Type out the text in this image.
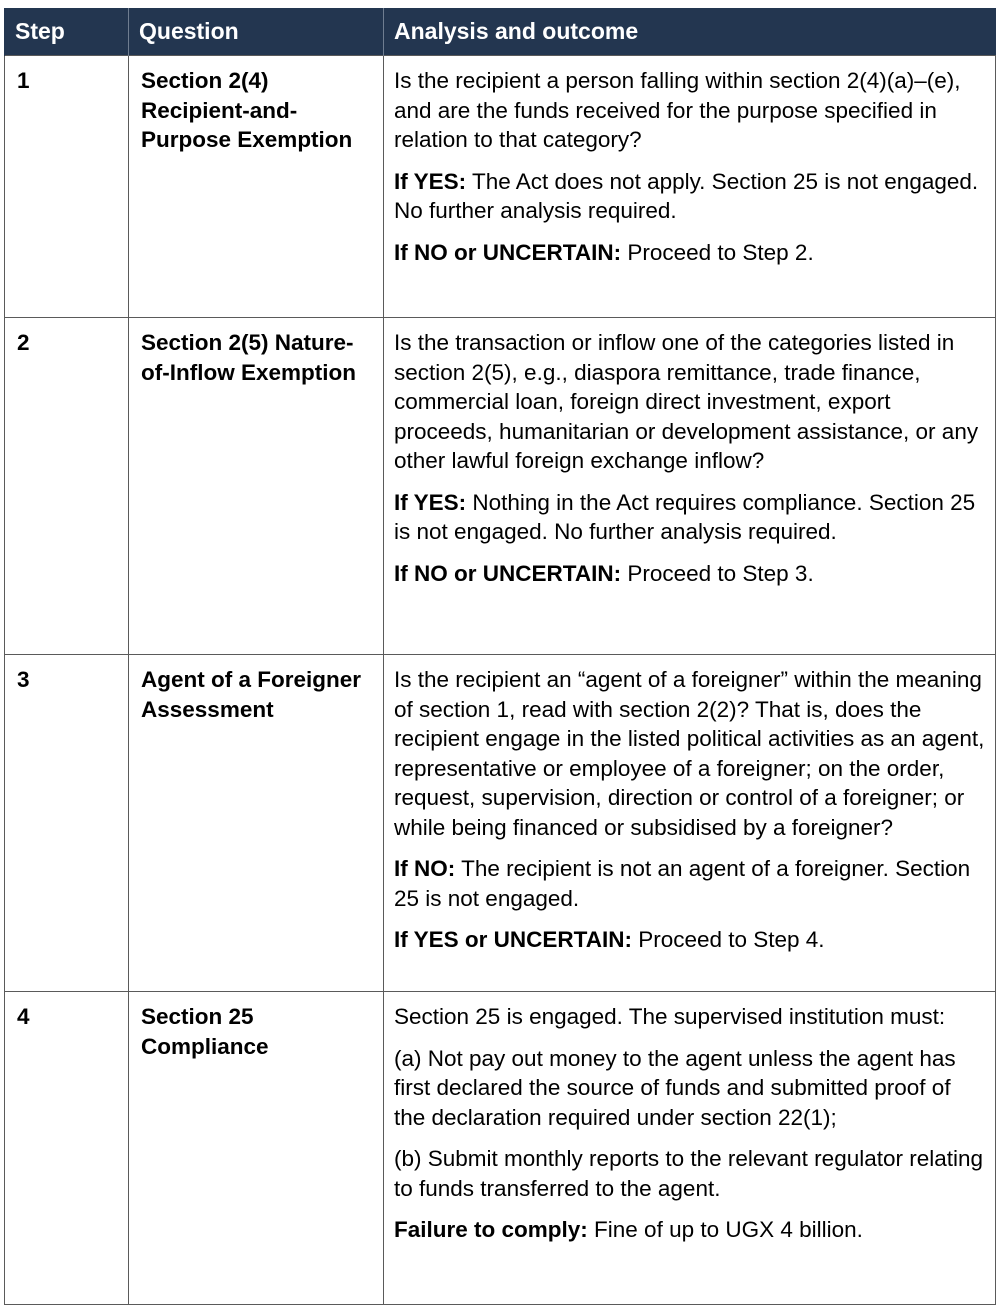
Step	Question	Analysis and outcome
1	Section 2(4) Recipient-and-Purpose Exemption	Is the recipient a person falling within section 2(4)(a)–(e), and are the funds received for the purpose specified in relation to that category?

If YES: The Act does not apply. Section 25 is not engaged. No further analysis required.

If NO or UNCERTAIN: Proceed to Step 2.

2	Section 2(5) Nature-of-Inflow Exemption	Is the transaction or inflow one of the categories listed in section 2(5), e.g., diaspora remittance, trade finance, commercial loan, foreign direct investment, export proceeds, humanitarian or development assistance, or any other lawful foreign exchange inflow?

If YES: Nothing in the Act requires compliance. Section 25 is not engaged. No further analysis required.

If NO or UNCERTAIN: Proceed to Step 3.

3	Agent of a Foreigner Assessment	Is the recipient an “agent of a foreigner” within the meaning of section 1, read with section 2(2)? That is, does the recipient engage in the listed political activities as an agent, representative or employee of a foreigner; on the order, request, supervision, direction or control of a foreigner; or while being financed or subsidised by a foreigner?

If NO: The recipient is not an agent of a foreigner. Section 25 is not engaged.

If YES or UNCERTAIN: Proceed to Step 4.

4	Section 25 Compliance	Section 25 is engaged. The supervised institution must:

(a) Not pay out money to the agent unless the agent has first declared the source of funds and submitted proof of the declaration required under section 22(1);

(b) Submit monthly reports to the relevant regulator relating to funds transferred to the agent.

Failure to comply: Fine of up to UGX 4 billion.
